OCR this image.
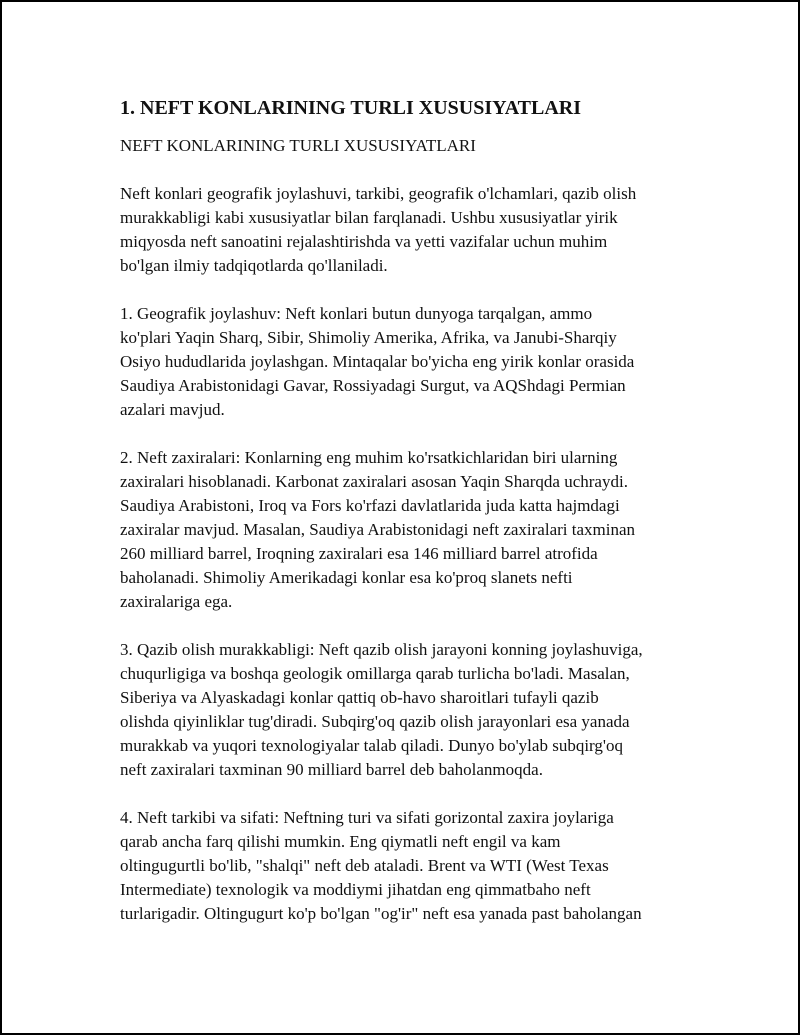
1. NEFT KONLARINING TURLI XUSUSIYATLARI

NEFT KONLARINING TURLI XUSUSIYATLARI

Neft konlari geografik joylashuvi, tarkibi, geografik o'lchamlari, qazib olish
murakkabligi kabi xususiyatlar bilan farqlanadi. Ushbu xususiyatlar yirik
miqyosda neft sanoatini rejalashtirishda va yetti vazifalar uchun muhim
bo'lgan ilmiy tadqiqotlarda qo'llaniladi.

1. Geografik joylashuv: Neft konlari butun dunyoga tarqalgan, ammo
ko'plari Yaqin Sharq, Sibir, Shimoliy Amerika, Afrika, va Janubi-Sharqiy
Osiyo hududlarida joylashgan. Mintaqalar bo'yicha eng yirik konlar orasida
Saudiya Arabistonidagi Gavar, Rossiyadagi Surgut, va AQShdagi Permian
azalari mavjud.

2. Neft zaxiralari: Konlarning eng muhim ko'rsatkichlaridan biri ularning
zaxiralari hisoblanadi. Karbonat zaxiralari asosan Yaqin Sharqda uchraydi.
Saudiya Arabistoni, Iroq va Fors ko'rfazi davlatlarida juda katta hajmdagi
zaxiralar mavjud. Masalan, Saudiya Arabistonidagi neft zaxiralari taxminan
260 milliard barrel, Iroqning zaxiralari esa 146 milliard barrel atrofida
baholanadi. Shimoliy Amerikadagi konlar esa ko'proq slanets nefti
zaxiralariga ega.

3. Qazib olish murakkabligi: Neft qazib olish jarayoni konning joylashuviga,
chuqurligiga va boshqa geologik omillarga qarab turlicha bo'ladi. Masalan,
Siberiya va Alyaskadagi konlar qattiq ob-havo sharoitlari tufayli qazib
olishda qiyinliklar tug'diradi. Subqirg'oq qazib olish jarayonlari esa yanada
murakkab va yuqori texnologiyalar talab qiladi. Dunyo bo'ylab subqirg'oq
neft zaxiralari taxminan 90 milliard barrel deb baholanmoqda.

4. Neft tarkibi va sifati: Neftning turi va sifati gorizontal zaxira joylariga
qarab ancha farq qilishi mumkin. Eng qiymatli neft engil va kam
oltingugurtli bo'lib, "shalqi" neft deb ataladi. Brent va WTI (West Texas
Intermediate) texnologik va moddiymi jihatdan eng qimmatbaho neft
turlarigadir. Oltingugurt ko'p bo'lgan "og'ir" neft esa yanada past baholangan
